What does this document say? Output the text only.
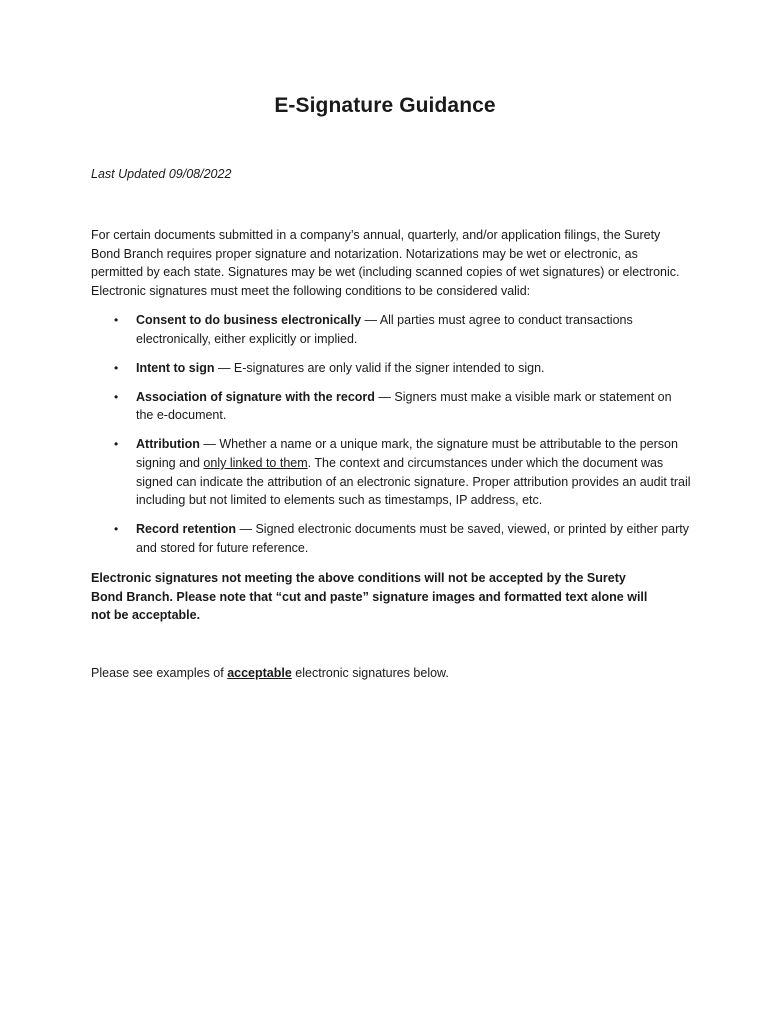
E-Signature Guidance

Last Updated 09/08/2022

For certain documents submitted in a company’s annual, quarterly, and/or application filings, the Surety Bond Branch requires proper signature and notarization. Notarizations may be wet or electronic, as permitted by each state. Signatures may be wet (including scanned copies of wet signatures) or electronic. Electronic signatures must meet the following conditions to be considered valid:

• Consent to do business electronically — All parties must agree to conduct transactions electronically, either explicitly or implied.
• Intent to sign — E-signatures are only valid if the signer intended to sign.
• Association of signature with the record — Signers must make a visible mark or statement on the e-document.
• Attribution — Whether a name or a unique mark, the signature must be attributable to the person signing and only linked to them. The context and circumstances under which the document was signed can indicate the attribution of an electronic signature. Proper attribution provides an audit trail including but not limited to elements such as timestamps, IP address, etc.
• Record retention — Signed electronic documents must be saved, viewed, or printed by either party and stored for future reference.

Electronic signatures not meeting the above conditions will not be accepted by the Surety Bond Branch. Please note that “cut and paste” signature images and formatted text alone will not be acceptable.

Please see examples of acceptable electronic signatures below.
